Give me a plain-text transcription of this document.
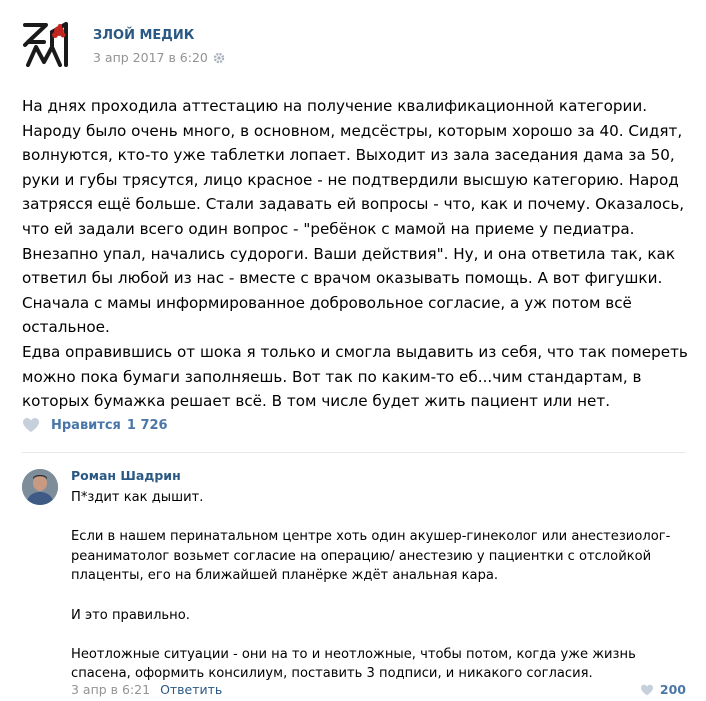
ЗЛОЙ МЕДИК
3 апр 2017 в 6:20

На днях проходила аттестацию на получение квалификационной категории. Народу было очень много, в основном, медсёстры, которым хорошо за 40. Сидят, волнуются, кто-то уже таблетки лопает. Выходит из зала заседания дама за 50, руки и губы трясутся, лицо красное - не подтвердили высшую категорию. Народ затрясся ещё больше. Стали задавать ей вопросы - что, как и почему. Оказалось, что ей задали всего один вопрос - "ребёнок с мамой на приеме у педиатра. Внезапно упал, начались судороги. Ваши действия". Ну, и она ответила так, как ответил бы любой из нас - вместе с врачом оказывать помощь. А вот фигушки. Сначала с мамы информированное добровольное согласие, а уж потом всё остальное.

Едва оправившись от шока я только и смогла выдавить из себя, что так помереть можно пока бумаги заполняешь. Вот так по каким-то еб...чим стандартам, в которых бумажка решает всё. В том числе будет жить пациент или нет.

Нравится 1 726
Роман Шадрин

П*здит как дышит.

Если в нашем перинатальном центре хоть один акушер-гинеколог или анестезиолог-реаниматолог возьмет согласие на операцию/ анестезию у пациентки с отслойкой плаценты, его на ближайшей планёрке ждёт анальная кара.

И это правильно.

Неотложные ситуации - они на то и неотложные, чтобы потом, когда уже жизнь спасена, оформить консилиум, поставить 3 подписи, и никакого согласия.

3 апр в 6:21 Ответить	200
